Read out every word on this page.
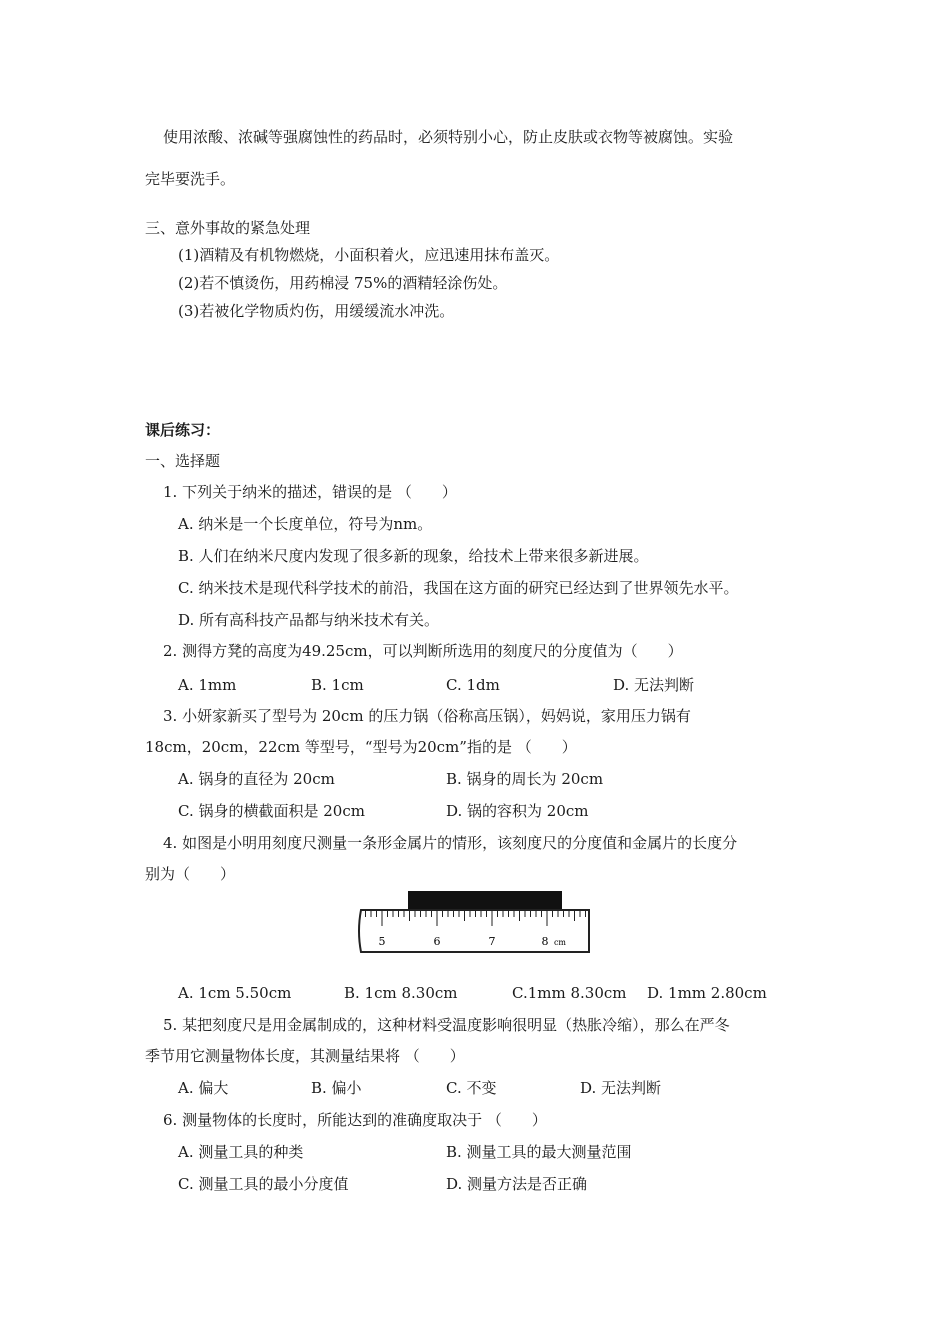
使用浓酸、浓碱等强腐蚀性的药品时，必须特别小心，防止皮肤或衣物等被腐蚀。实验
完毕要洗手。
三、意外事故的紧急处理
(1)酒精及有机物燃烧，小面积着火，应迅速用抹布盖灭。
(2)若不慎烫伤，用药棉浸 75%的酒精轻涂伤处。
(3)若被化学物质灼伤，用缓缓流水冲洗。
课后练习：
一、选择题
1. 下列关于纳米的描述，错误的是 （　　）
A. 纳米是一个长度单位，符号为nm。
B. 人们在纳米尺度内发现了很多新的现象，给技术上带来很多新进展。
C. 纳米技术是现代科学技术的前沿，我国在这方面的研究已经达到了世界领先水平。
D. 所有高科技产品都与纳米技术有关。
2. 测得方凳的高度为49.25cm，可以判断所选用的刻度尺的分度值为（　　）
A. 1mm	B. 1cm	C. 1dm	D. 无法判断
3. 小妍家新买了型号为 20cm 的压力锅（俗称高压锅），妈妈说，家用压力锅有
18cm，20cm，22cm 等型号，“型号为20cm”指的是 （　　）
A. 锅身的直径为 20cm	B. 锅身的周长为 20cm
C. 锅身的横截面积是 20cm	D. 锅的容积为 20cm
4. 如图是小明用刻度尺测量一条形金属片的情形，该刻度尺的分度值和金属片的长度分
别为（　　）
5	6	7	8 cm
A. 1cm 5.50cm	B. 1cm 8.30cm	C.1mm 8.30cm D. 1mm 2.80cm
5. 某把刻度尺是用金属制成的，这种材料受温度影响很明显（热胀冷缩），那么在严冬
季节用它测量物体长度，其测量结果将 （　　）
A. 偏大	B. 偏小	C. 不变	D. 无法判断
6. 测量物体的长度时，所能达到的准确度取决于 （　　）
A. 测量工具的种类	B. 测量工具的最大测量范围
C. 测量工具的最小分度值	D. 测量方法是否正确
